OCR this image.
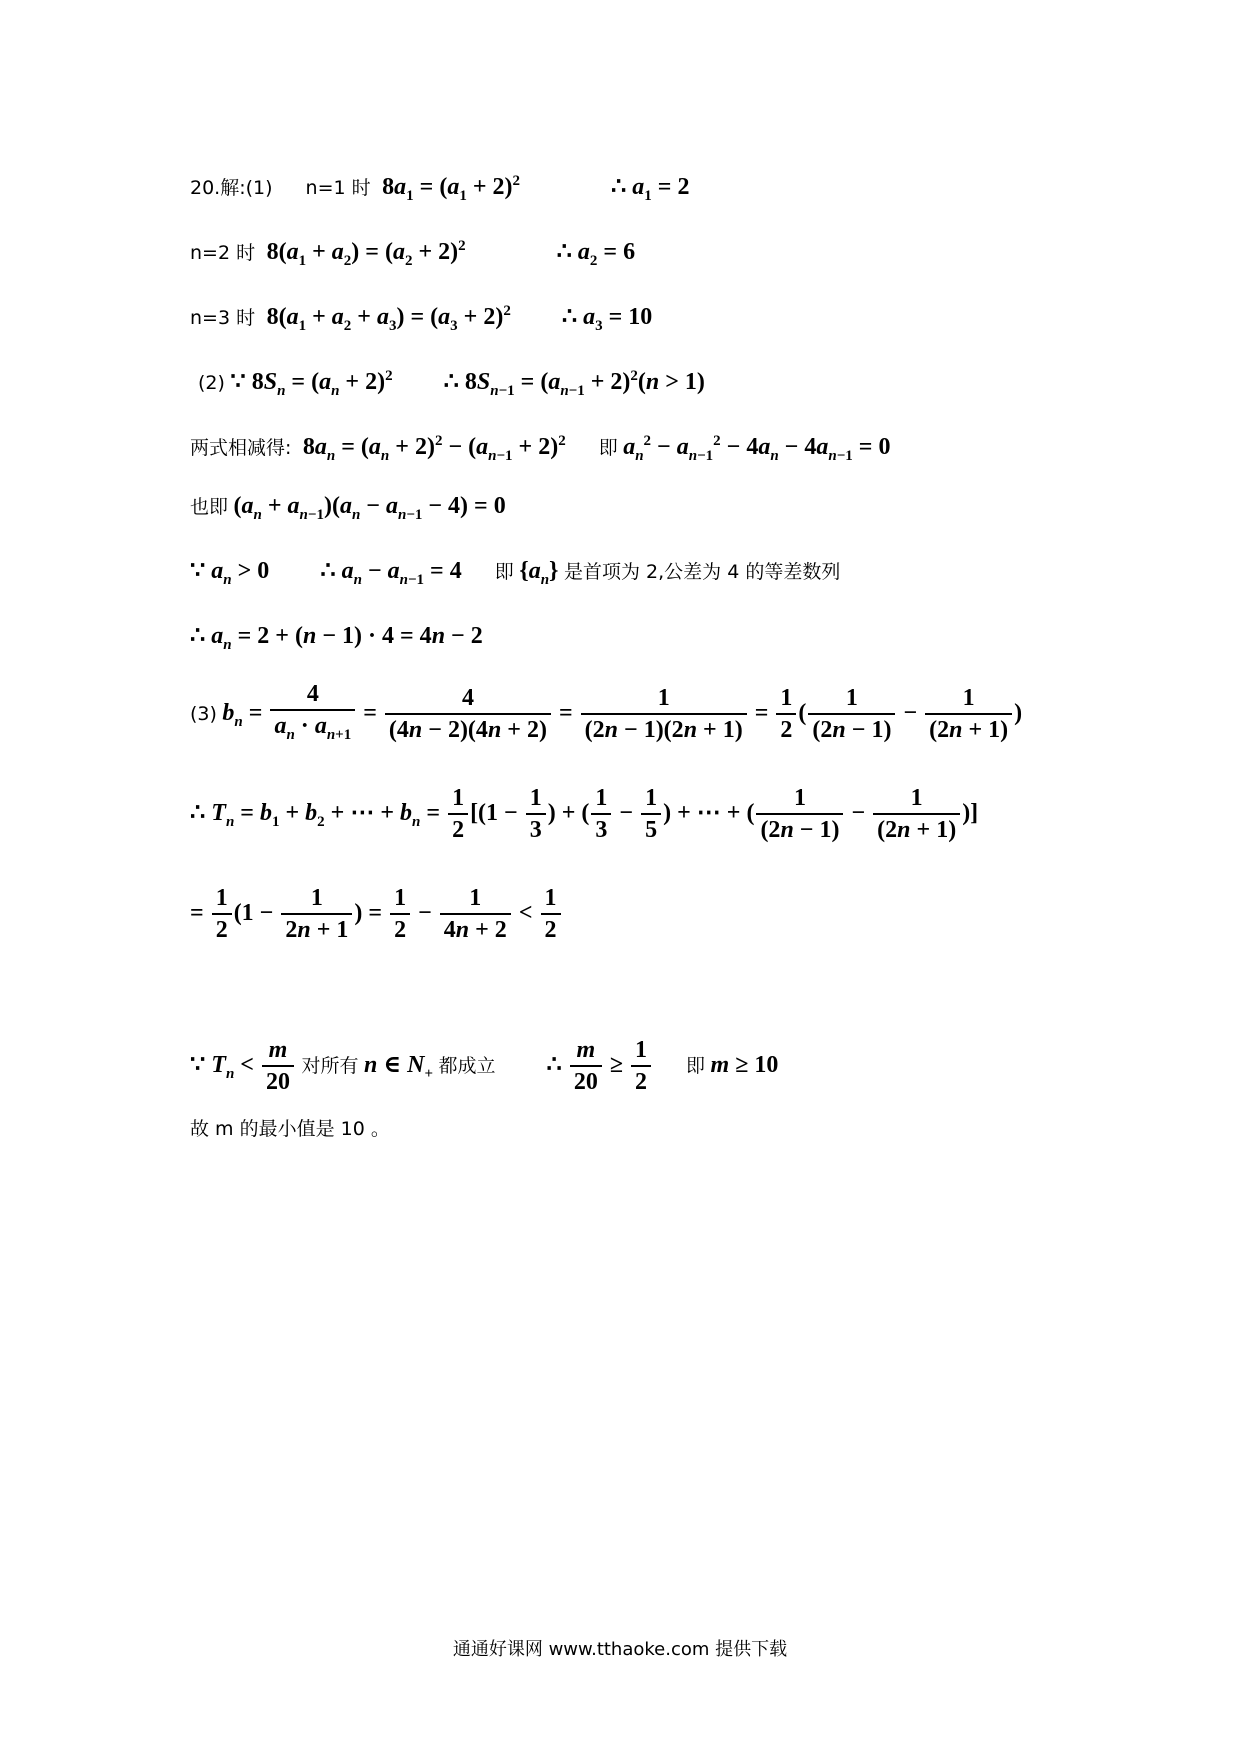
20.解:(1) n=1 时  $8a_1 = (a_1 + 2)^2$	∴ $a_1 = 2$
n=2 时  $8(a_1 + a_2) = (a_2 + 2)^2$	∴ $a_2 = 6$
n=3 时  $8(a_1 + a_2 + a_3) = (a_3 + 2)^2$ ∴ $a_3 = 10$
(2) ∵ $8S_n = (a_n + 2)^2$ ∴ $8S_{n-1} = (a_{n-1} + 2)^2(n > 1)$
两式相减得:  $8a_n = (a_n + 2)^2 - (a_{n-1} + 2)^2$ 即 $a_n^2 - a_{n-1}^2 - 4a_n - 4a_{n-1} = 0$
也即 $(a_n + a_{n-1})(a_n - a_{n-1} - 4) = 0$
∵ $a_n > 0$ ∴ $a_n - a_{n-1} = 4$ 即 $\{a_n\}$ 是首项为 2,公差为 4 的等差数列
∴ $a_n = 2 + (n - 1) \cdot 4 = 4n - 2$
(3) $b_n = \frac{4}{a_n \cdot a_{n+1}} = \frac{4}{(4n - 2)(4n + 2)} = \frac{1}{(2n - 1)(2n + 1)} = \frac{1}{2}$ ( $\frac{1}{(2n - 1)} - \frac{1}{(2n + 1)}$ )
∴ $T_n = b_1 + b_2$ + ⋯ + $b_n = \frac{1}{2} [(1 - \frac{1}{3}$ ) + ( $\frac{1}{3} - \frac{1}{5}$ ) + ⋯ + ( $\frac{1}{(2n - 1)} - \frac{1}{(2n + 1)}$ )]
= $\frac{1}{2} (1 - \frac{1}{2n + 1}$ ) = $\frac{1}{2} - \frac{1}{4n + 2} < \frac{1}{2}$
∵ $T_n < \frac{m}{20}$ 对所有 n ∈ $N_+$ 都成立 ∴ $\frac{m}{20} \ge \frac{1}{2}$ 即 m ≥ 10
故 m 的最小值是 10 。
通通好课网 www.tthaoke.com 提供下载
